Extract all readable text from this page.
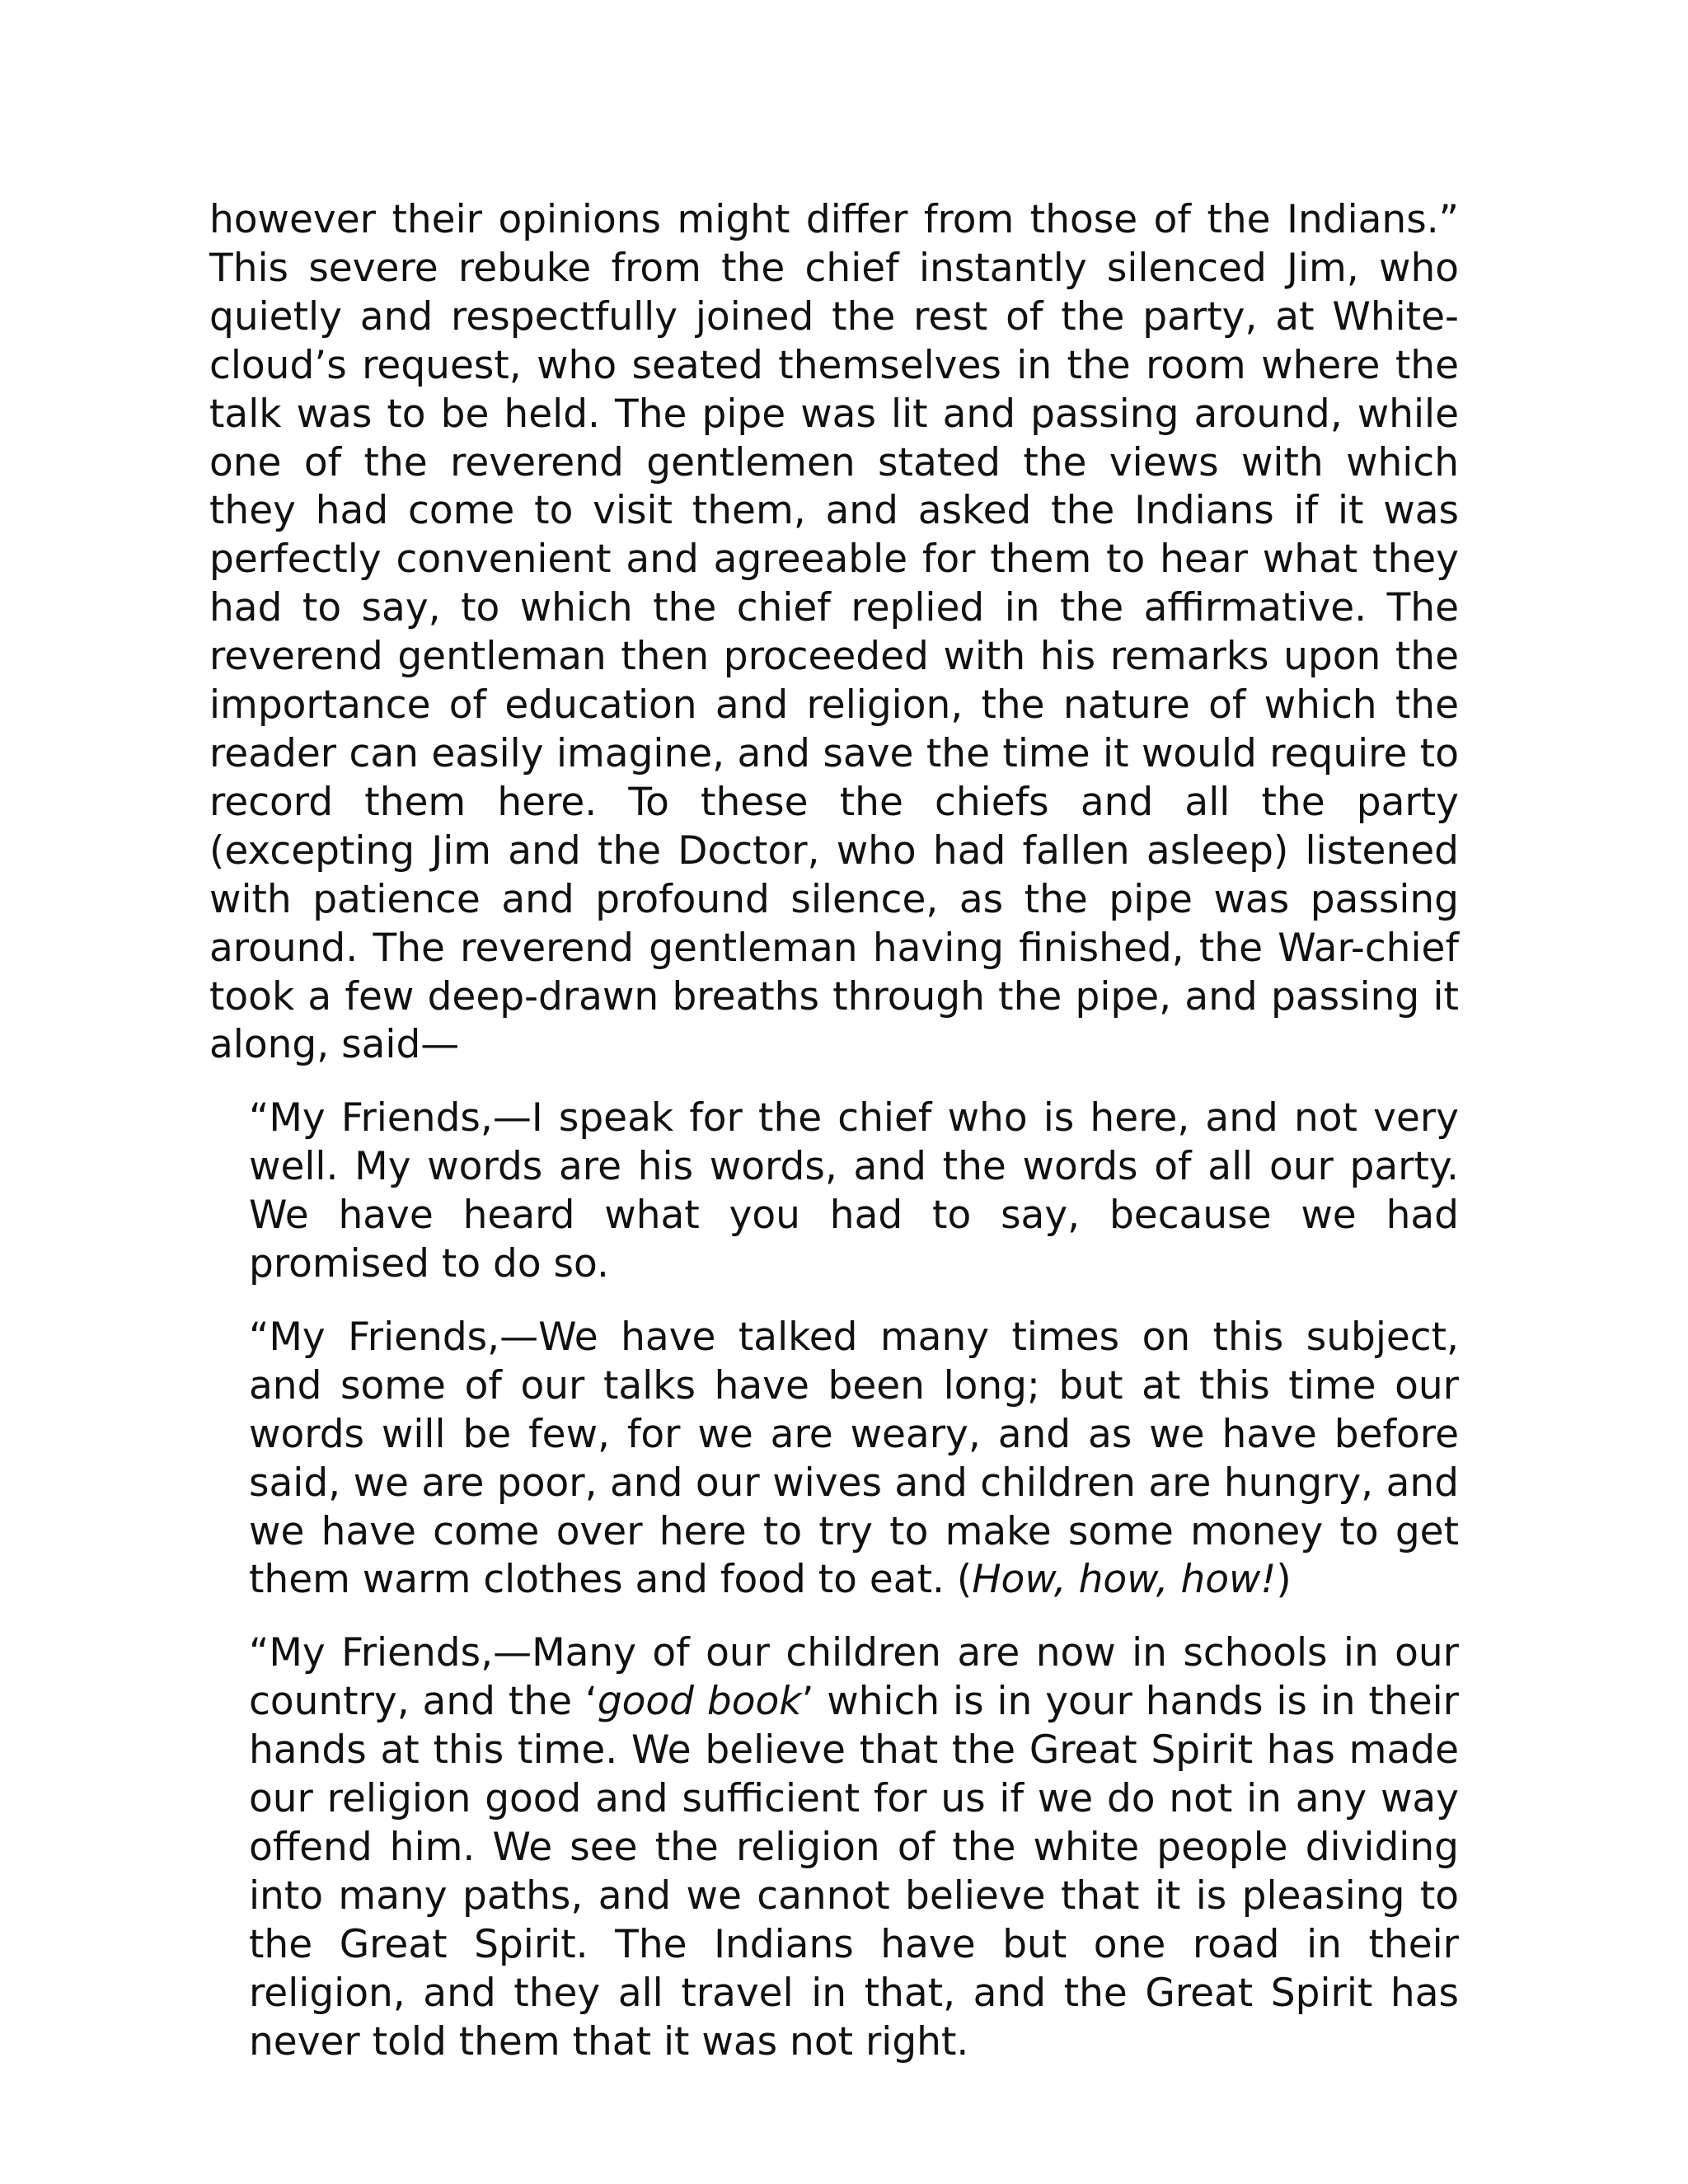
however their opinions might differ from those of the Indians.” This severe rebuke from the chief instantly silenced Jim, who quietly and respectfully joined the rest of the party, at White-cloud’s request, who seated themselves in the room where the talk was to be held. The pipe was lit and passing around, while one of the reverend gentlemen stated the views with which they had come to visit them, and asked the Indians if it was perfectly convenient and agreeable for them to hear what they had to say, to which the chief replied in the affirmative. The reverend gentleman then proceeded with his remarks upon the importance of education and religion, the nature of which the reader can easily imagine, and save the time it would require to record them here. To these the chiefs and all the party (excepting Jim and the Doctor, who had fallen asleep) listened with patience and profound silence, as the pipe was passing around. The reverend gentleman having finished, the War-chief took a few deep-drawn breaths through the pipe, and passing it along, said—

“My Friends,—I speak for the chief who is here, and not very well. My words are his words, and the words of all our party. We have heard what you had to say, because we had promised to do so.

“My Friends,—We have talked many times on this subject, and some of our talks have been long; but at this time our words will be few, for we are weary, and as we have before said, we are poor, and our wives and children are hungry, and we have come over here to try to make some money to get them warm clothes and food to eat. (How, how, how!)

“My Friends,—Many of our children are now in schools in our country, and the ‘good book’ which is in your hands is in their hands at this time. We believe that the Great Spirit has made our religion good and sufficient for us if we do not in any way offend him. We see the religion of the white people dividing into many paths, and we cannot believe that it is pleasing to the Great Spirit. The Indians have but one road in their religion, and they all travel in that, and the Great Spirit has never told them that it was not right.
